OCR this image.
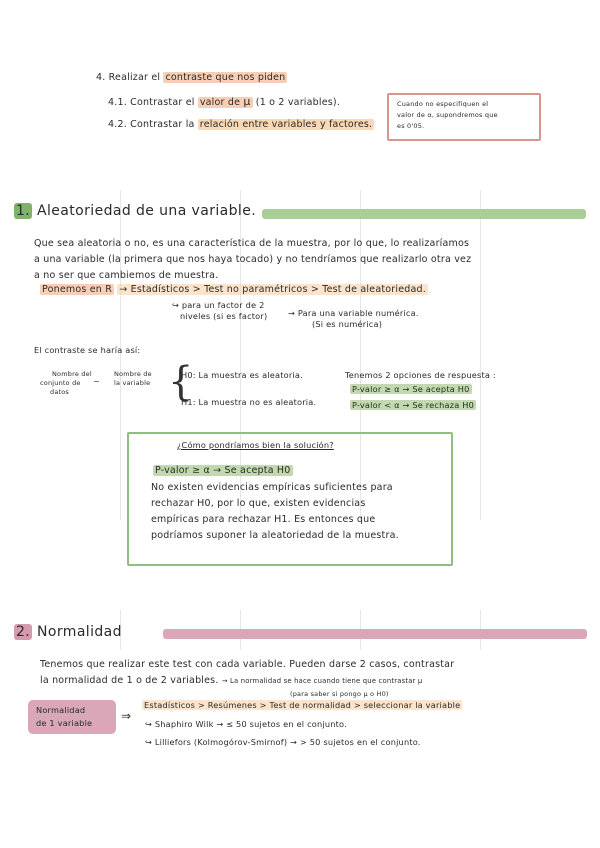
4. Realizar el contraste que nos piden
4.1. Contrastar el valor de μ (1 o 2 variables).
4.2. Contrastar la relación entre variables y factores.
Cuando no especifiquen el
valor de α, supondremos que
es 0'05.
1. Aleatoriedad de una variable.
Que sea aleatoria o no, es una característica de la muestra, por lo que, lo realizaríamos
a una variable (la primera que nos haya tocado) y no tendríamos que realizarlo otra vez
a no ser que cambiemos de muestra.
Ponemos en R → Estadísticos > Test no paramétricos > Test de aleatoriedad.
↪ para un factor de 2
niveles (si es factor)	→ Para una variable numérica.
(Si es numérica)
El contraste se haría así:
Nombre del
conjunto de
datos
~
Nombre de
la variable {
H0: La muestra es aleatoria.
H1: La muestra no es aleatoria.
Tenemos 2 opciones de respuesta :
P-valor ≥ α → Se acepta H0
P-valor < α → Se rechaza H0
¿Cómo pondríamos bien la solución?
P-valor ≥ α → Se acepta H0
No existen evidencias empíricas suficientes para
rechazar H0, por lo que, existen evidencias
empíricas para rechazar H1. Es entonces que
podríamos suponer la aleatoriedad de la muestra.
2. Normalidad
Tenemos que realizar este test con cada variable. Pueden darse 2 casos, contrastar
la normalidad de 1 o de 2 variables. → La normalidad se hace cuando tiene que contrastar μ
(para saber si pongo μ o H0)
Normalidad
de 1 variable ⇒
Estadísticos > Resúmenes > Test de normalidad > seleccionar la variable
↪ Shaphiro Wilk → ≤ 50 sujetos en el conjunto.
↪ Lilliefors (Kolmogórov-Smirnof) → > 50 sujetos en el conjunto.
